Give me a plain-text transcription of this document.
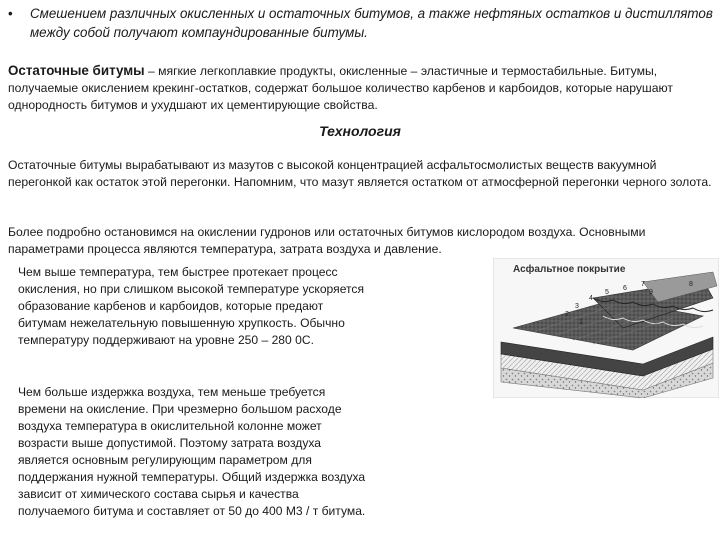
• Смешением различных окисленных и остаточных битумов, а также нефтяных остатков и дистиллятов между собой получают компаундированные битумы.
Остаточные битумы – мягкие легкоплавкие продукты, окисленные – эластичные и термостабильные. Битумы, получаемые окислением крекинг-остатков, содержат большое количество карбенов и карбоидов, которые нарушают однородность битумов и ухудшают их цементирующие свойства.
Технология
Остаточные битумы вырабатывают из мазутов с высокой концентрацией асфальтосмолистых веществ вакуумной перегонкой как остаток этой перегонки. Напомним, что мазут является остатком от атмосферной перегонки черного золота.
Более подробно остановимся на окислении гудронов или остаточных битумов кислородом воздуха. Основными параметрами процесса являются температура, затрата воздуха и давление.
Чем выше температура, тем быстрее протекает процесс окисления, но при слишком высокой температуре ускоряется образование карбенов и карбоидов, которые предают битумам нежелательную повышенную хрупкость. Обычно температуру поддерживают на уровне 250 – 280 0С.
Чем больше издержка воздуха, тем меньше требуется времени на окисление. При чрезмерно большом расходе воздуха температура в окислительной колонне может возрасти выше допустимой. Поэтому затрата воздуха является основным регулирующим параметром для поддержания нужной температуры. Общий издержка воздуха зависит от химического состава сырья и качества получаемого битума и составляет от 50 до 400 М3 / т битума.
Асфальтное покрытие
1
2
3
4
5
6
7	8
9
